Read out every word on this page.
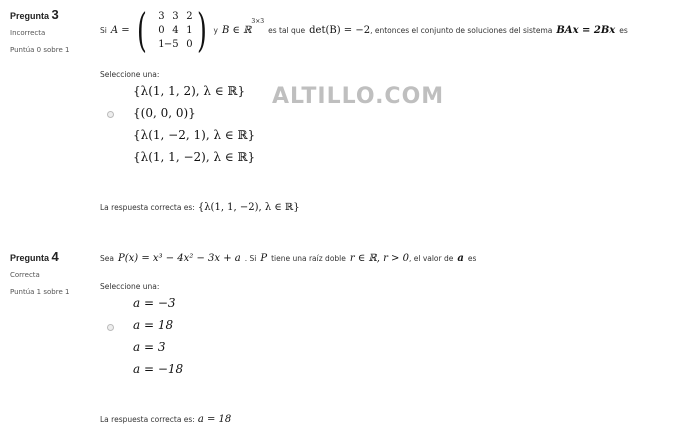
Pregunta 3
Incorrecta
Puntúa 0 sobre 1
Si A = ( 3 3 2
0 4 1
1 −5 0 ) y B ∈ ℝ
$^{3\times 3}$
es tal que det(B) = −2 , entonces el conjunto de soluciones del sistema BAx = 2Bx es
Seleccione una:
{λ(1, 1, 2), λ ∈ ℝ}
{(0, 0, 0)}
{λ(1, −2, 1), λ ∈ ℝ}
{λ(1, 1, −2), λ ∈ ℝ}
ALTILLO.COM
La respuesta correcta es: {λ(1, 1, −2), λ ∈ ℝ}
Pregunta 4
Correcta
Puntúa 1 sobre 1
Sea P(x) = x³ − 4x² − 3x + a . Si P tiene una raíz doble r ∈ ℝ, r > 0 , el valor de a es
Seleccione una:
a = −3
a = 18
a = 3
a = −18
La respuesta correcta es: a = 18
